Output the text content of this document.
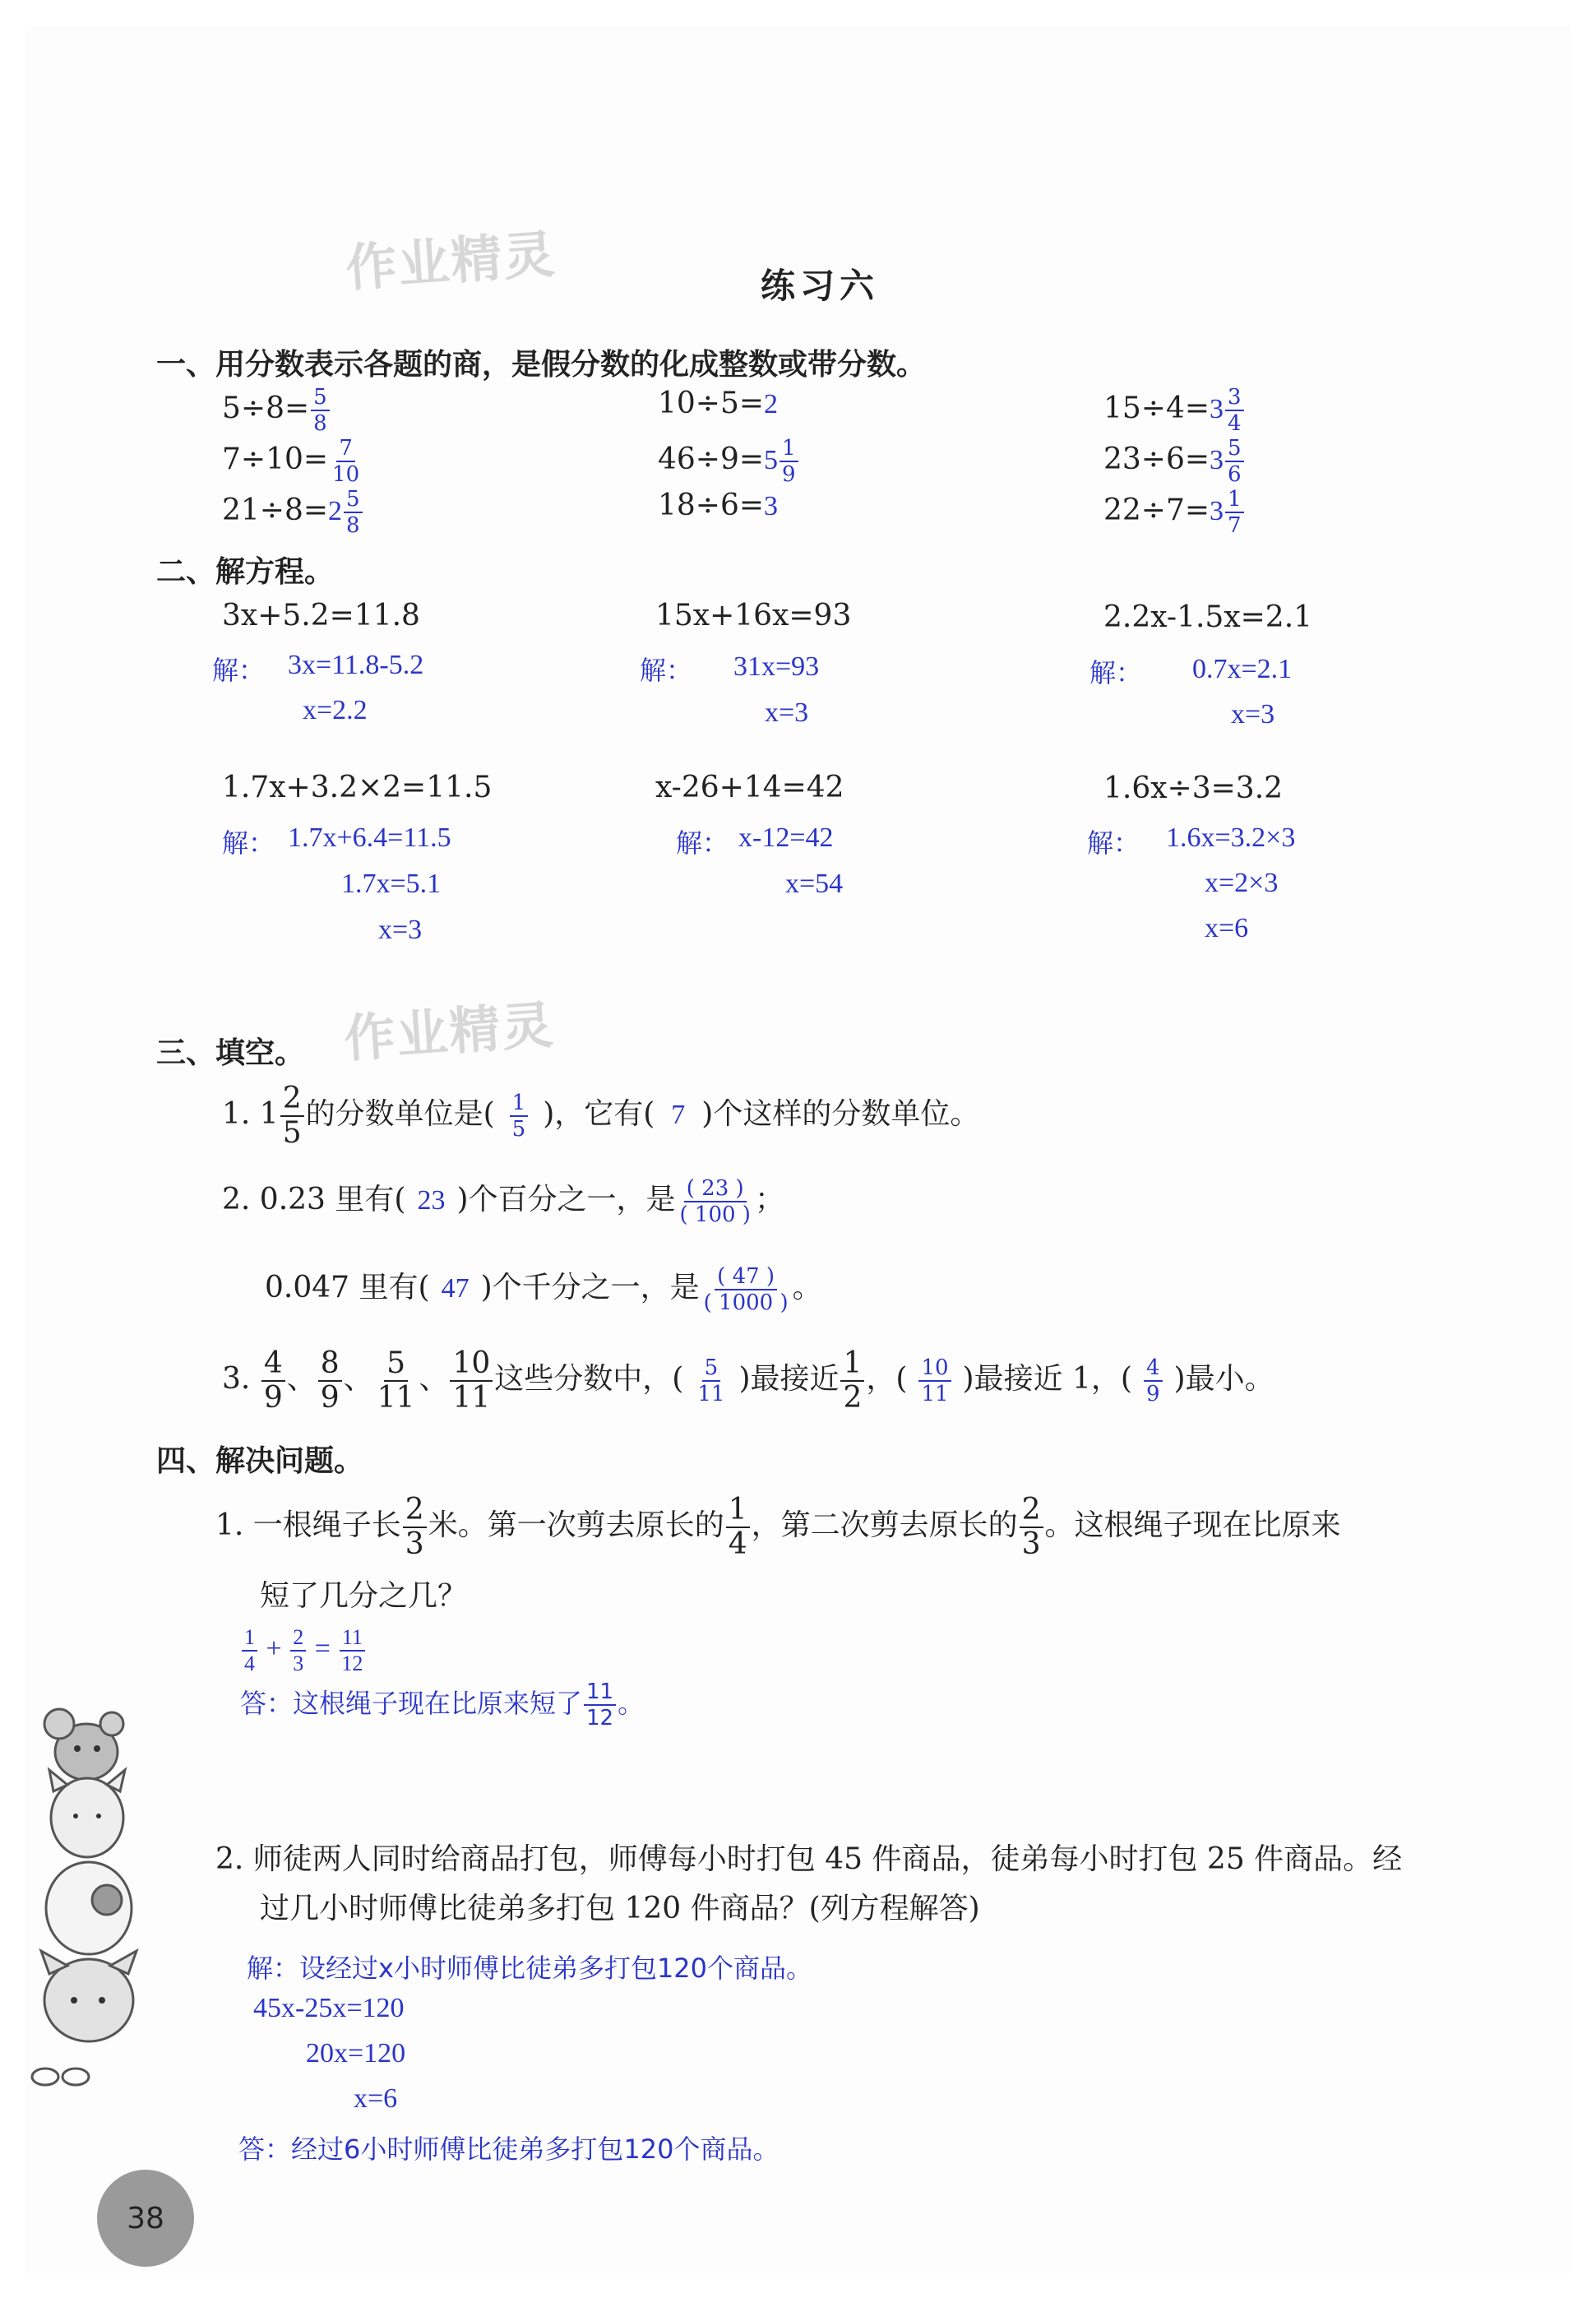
作业精灵
作业精灵
练习六
一、用分数表示各题的商，是假分数的化成整数或带分数。
$5\div 8= \frac{5}{8}$	10÷5=2	$15\div 4=3 \frac{3}{4}$
$7\div 10= \frac{7}{10}$	$46\div 9=5 \frac{1}{9}$	$23\div 6=3 \frac{5}{6}$
$21\div 8=2 \frac{5}{8}$	18÷6=3	$22\div 7=3 \frac{1}{7}$
二、解方程。
3x+5.2=11.8
解： 3x=11.8-5.2
x=2.2
15x+16x=93
解： 31x=93
x=3
2.2x-1.5x=2.1
解： 0.7x=2.1
x=3
1.7x+3.2×2=11.5
解： 1.7x+6.4=11.5
1.7x=5.1
x=3
x-26+14=42
解： x-12=42
x=54
1.6x÷3=3.2
解： 1.6x=3.2×3
x=2×3
x=6
三、填空。
1. $1 \frac{2}{5}$ 的分数单位是( $\frac{1}{5}$ )，它有( 7 )个这样的分数单位。
2. 0.23 里有( 23 )个百分之一，是 $\frac{( 23 )}{( 100 )}$ ；
0.047 里有( 47 )个千分之一，是 $\frac{( 47 )}{( 1000 )}$ 。
3. $\frac{4}{9}$ 、 $\frac{8}{9}$ 、 $\frac{5}{11}$ 、 $\frac{10}{11}$ 这些分数中，( $\frac{5}{11}$ )最接近 $\frac{1}{2}$ ，( $\frac{10}{11}$ )最接近 1，( $\frac{4}{9}$ )最小。
四、解决问题。
1. 一根绳子长 $\frac{2}{3}$ 米。第一次剪去原长的 $\frac{1}{4}$ ，第二次剪去原长的 $\frac{2}{3}$ 。这根绳子现在比原来
短了几分之几？
$\frac{1}{4} + \frac{2}{3} = \frac{11}{12}$
答：这根绳子现在比原来短了 $\frac{11}{12}$ 。
2. 师徒两人同时给商品打包，师傅每小时打包 45 件商品，徒弟每小时打包 25 件商品。经
过几小时师傅比徒弟多打包 120 件商品？(列方程解答)
解：设经过x小时师傅比徒弟多打包120个商品。
45x-25x=120
20x=120
x=6
答：经过6小时师傅比徒弟多打包120个商品。
38
